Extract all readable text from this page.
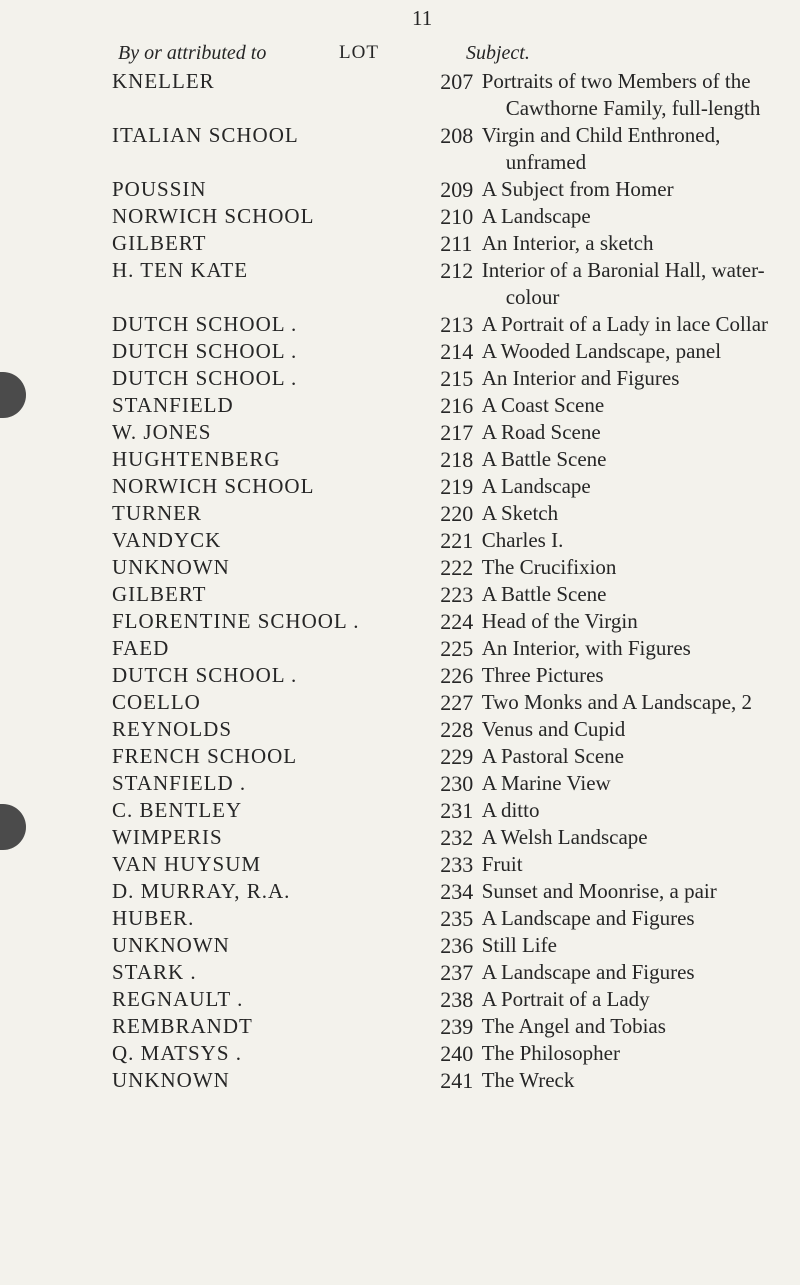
11
By or attributed to	LOT	Subject.
KNELLER	207 Portraits of two Members of the
Cawthorne Family, full-length
ITALIAN SCHOOL	208 Virgin and Child Enthroned,
unframed
POUSSIN	209 A Subject from Homer
NORWICH SCHOOL	210 A Landscape
GILBERT	211 An Interior, a sketch
H. TEN KATE	212 Interior of a Baronial Hall, water-
colour
DUTCH SCHOOL .	213 A Portrait of a Lady in lace Collar
DUTCH SCHOOL .	214 A Wooded Landscape, panel
DUTCH SCHOOL .	215 An Interior and Figures
STANFIELD	216 A Coast Scene
W. JONES	217 A Road Scene
HUGHTENBERG	218 A Battle Scene
NORWICH SCHOOL	219 A Landscape
TURNER	220 A Sketch
VANDYCK	221 Charles I.
UNKNOWN	222 The Crucifixion
GILBERT	223 A Battle Scene
FLORENTINE SCHOOL .	224 Head of the Virgin
FAED	225 An Interior, with Figures
DUTCH SCHOOL .	226 Three Pictures
COELLO	227 Two Monks and A Landscape, 2
REYNOLDS	228 Venus and Cupid
FRENCH SCHOOL	229 A Pastoral Scene
STANFIELD .	230 A Marine View
C. BENTLEY	231 A ditto
WIMPERIS	232 A Welsh Landscape
VAN HUYSUM	233 Fruit
D. MURRAY, R.A.	234 Sunset and Moonrise, a pair
HUBER.	235 A Landscape and Figures
UNKNOWN	236 Still Life
STARK .	237 A Landscape and Figures
REGNAULT .	238 A Portrait of a Lady
REMBRANDT	239 The Angel and Tobias
Q. MATSYS .	240 The Philosopher
UNKNOWN	241 The Wreck
